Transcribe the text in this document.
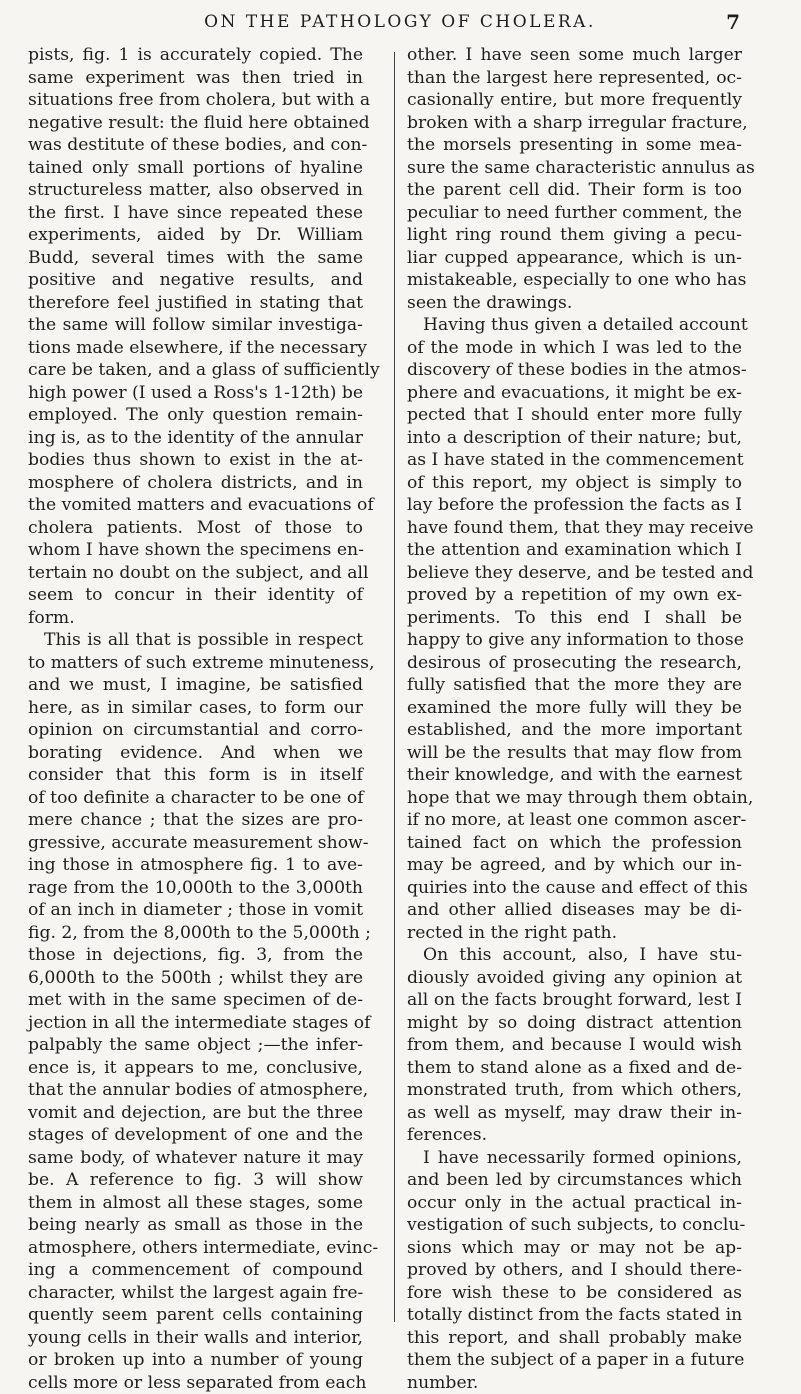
ON THE PATHOLOGY OF CHOLERA.	7
pists, fig. 1 is accurately copied. The
same experiment was then tried in
situations free from cholera, but with a
negative result: the fluid here obtained
was destitute of these bodies, and con-
tained only small portions of hyaline
structureless matter, also observed in
the first. I have since repeated these
experiments, aided by Dr. William
Budd, several times with the same
positive and negative results, and
therefore feel justified in stating that
the same will follow similar investiga-
tions made elsewhere, if the necessary
care be taken, and a glass of sufficiently
high power (I used a Ross's 1-12th) be
employed. The only question remain-
ing is, as to the identity of the annular
bodies thus shown to exist in the at-
mosphere of cholera districts, and in
the vomited matters and evacuations of
cholera patients. Most of those to
whom I have shown the specimens en-
tertain no doubt on the subject, and all
seem to concur in their identity of
form.
This is all that is possible in respect
to matters of such extreme minuteness,
and we must, I imagine, be satisfied
here, as in similar cases, to form our
opinion on circumstantial and corro-
borating evidence. And when we
consider that this form is in itself
of too definite a character to be one of
mere chance ; that the sizes are pro-
gressive, accurate measurement show-
ing those in atmosphere fig. 1 to ave-
rage from the 10,000th to the 3,000th
of an inch in diameter ; those in vomit
fig. 2, from the 8,000th to the 5,000th ;
those in dejections, fig. 3, from the
6,000th to the 500th ; whilst they are
met with in the same specimen of de-
jection in all the intermediate stages of
palpably the same object ;—the infer-
ence is, it appears to me, conclusive,
that the annular bodies of atmosphere,
vomit and dejection, are but the three
stages of development of one and the
same body, of whatever nature it may
be. A reference to fig. 3 will show
them in almost all these stages, some
being nearly as small as those in the
atmosphere, others intermediate, evinc-
ing a commencement of compound
character, whilst the largest again fre-
quently seem parent cells containing
young cells in their walls and interior,
or broken up into a number of young
cells more or less separated from each
other. I have seen some much larger
than the largest here represented, oc-
casionally entire, but more frequently
broken with a sharp irregular fracture,
the morsels presenting in some mea-
sure the same characteristic annulus as
the parent cell did. Their form is too
peculiar to need further comment, the
light ring round them giving a pecu-
liar cupped appearance, which is un-
mistakeable, especially to one who has
seen the drawings.
Having thus given a detailed account
of the mode in which I was led to the
discovery of these bodies in the atmos-
phere and evacuations, it might be ex-
pected that I should enter more fully
into a description of their nature; but,
as I have stated in the commencement
of this report, my object is simply to
lay before the profession the facts as I
have found them, that they may receive
the attention and examination which I
believe they deserve, and be tested and
proved by a repetition of my own ex-
periments. To this end I shall be
happy to give any information to those
desirous of prosecuting the research,
fully satisfied that the more they are
examined the more fully will they be
established, and the more important
will be the results that may flow from
their knowledge, and with the earnest
hope that we may through them obtain,
if no more, at least one common ascer-
tained fact on which the profession
may be agreed, and by which our in-
quiries into the cause and effect of this
and other allied diseases may be di-
rected in the right path.
On this account, also, I have stu-
diously avoided giving any opinion at
all on the facts brought forward, lest I
might by so doing distract attention
from them, and because I would wish
them to stand alone as a fixed and de-
monstrated truth, from which others,
as well as myself, may draw their in-
ferences.
I have necessarily formed opinions,
and been led by circumstances which
occur only in the actual practical in-
vestigation of such subjects, to conclu-
sions which may or may not be ap-
proved by others, and I should there-
fore wish these to be considered as
totally distinct from the facts stated in
this report, and shall probably make
them the subject of a paper in a future
number.
